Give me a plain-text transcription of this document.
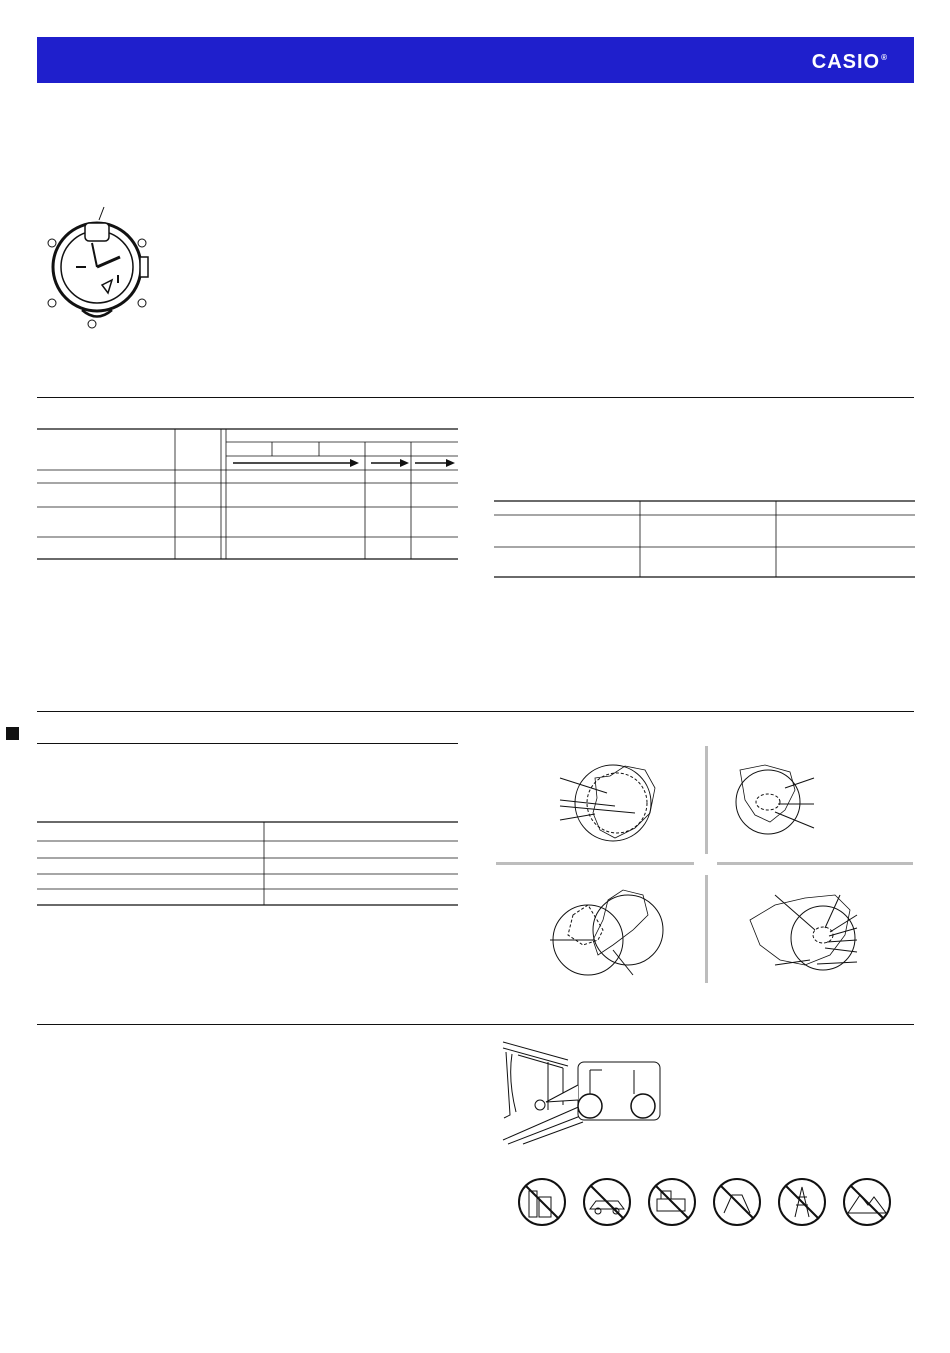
CASIO®
